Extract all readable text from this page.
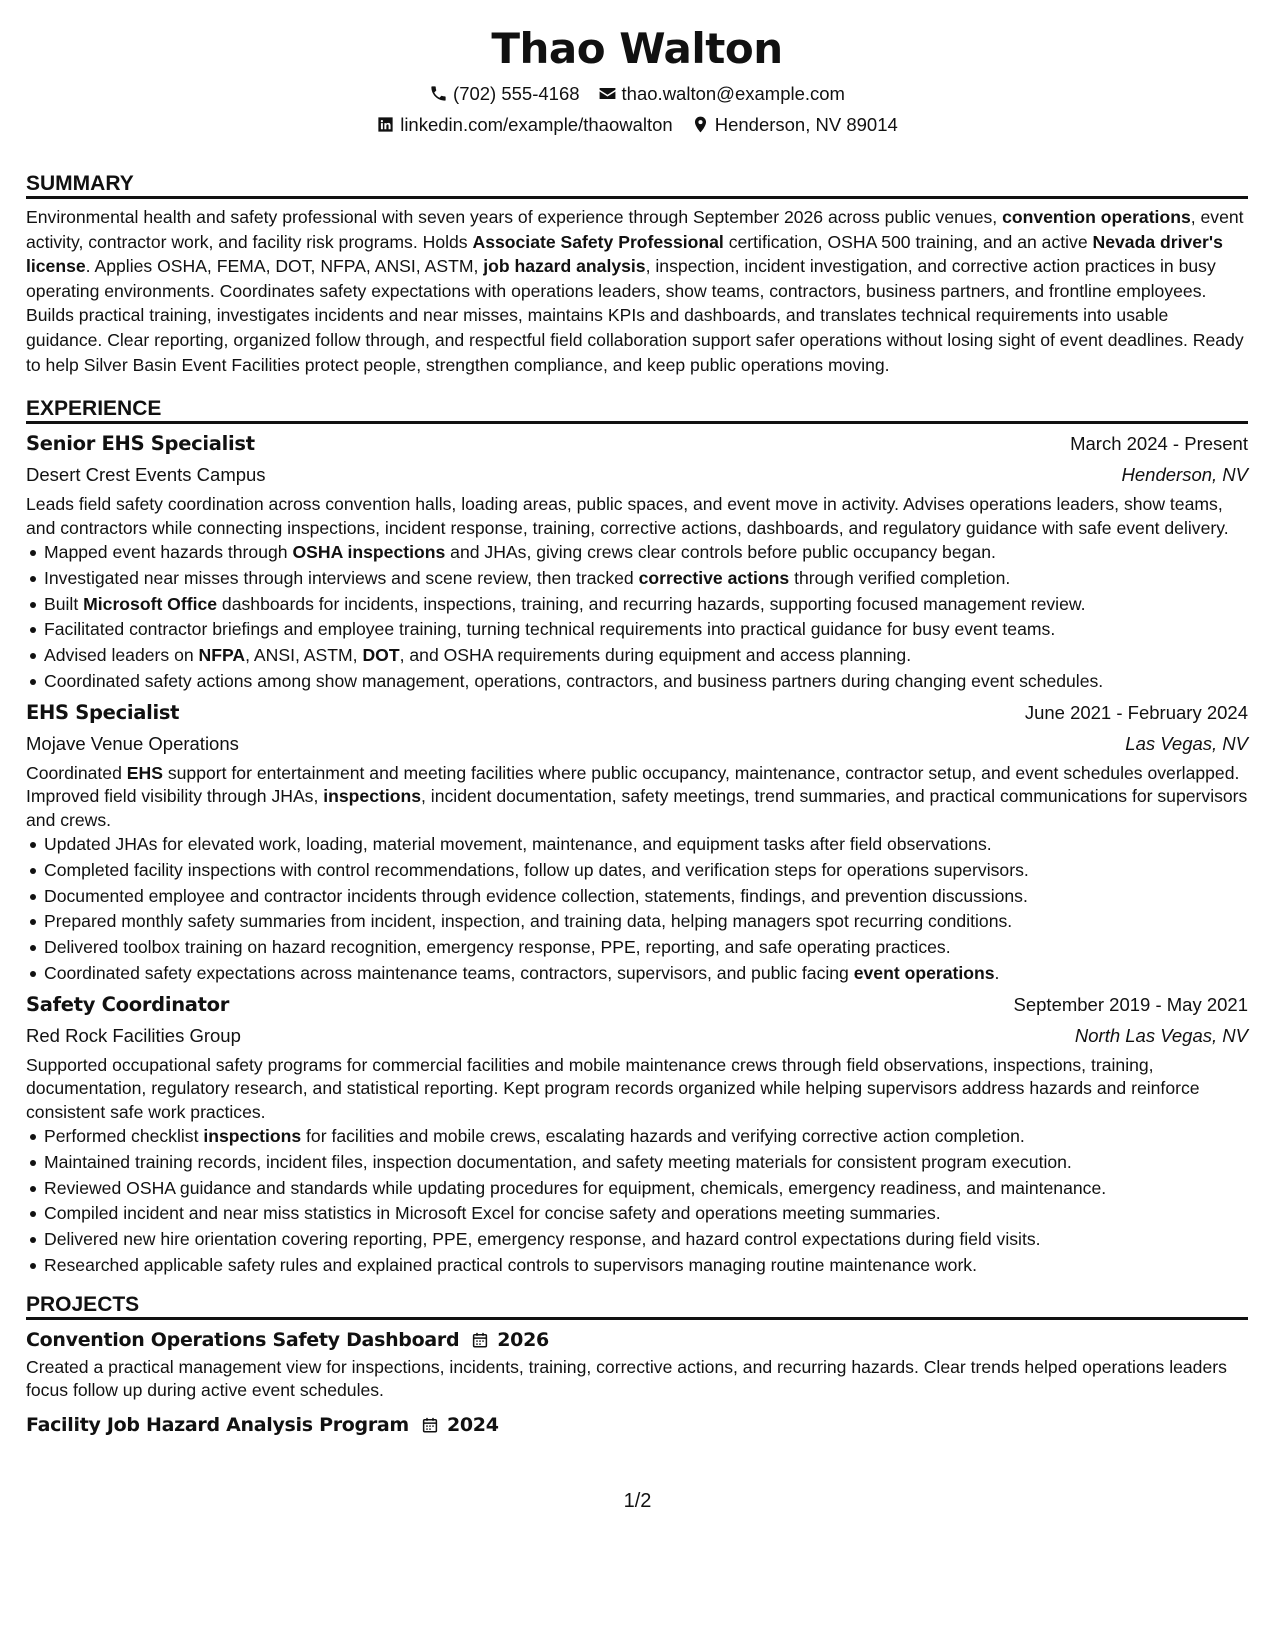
Thao Walton
(702) 555-4168 thao.walton@example.com
linkedin.com/example/thaowalton Henderson, NV 89014
SUMMARY
Environmental health and safety professional with seven years of experience through September 2026 across public venues, convention operations, event activity, contractor work, and facility risk programs. Holds Associate Safety Professional certification, OSHA 500 training, and an active Nevada driver's license. Applies OSHA, FEMA, DOT, NFPA, ANSI, ASTM, job hazard analysis, inspection, incident investigation, and corrective action practices in busy operating environments. Coordinates safety expectations with operations leaders, show teams, contractors, business partners, and frontline employees. Builds practical training, investigates incidents and near misses, maintains KPIs and dashboards, and translates technical requirements into usable guidance. Clear reporting, organized follow through, and respectful field collaboration support safer operations without losing sight of event deadlines. Ready to help Silver Basin Event Facilities protect people, strengthen compliance, and keep public operations moving.
EXPERIENCE
Senior EHS Specialist	March 2024 - Present
Desert Crest Events Campus	Henderson, NV
Leads field safety coordination across convention halls, loading areas, public spaces, and event move in activity. Advises operations leaders, show teams, and contractors while connecting inspections, incident response, training, corrective actions, dashboards, and regulatory guidance with safe event delivery.
Mapped event hazards through OSHA inspections and JHAs, giving crews clear controls before public occupancy began.
Investigated near misses through interviews and scene review, then tracked corrective actions through verified completion.
Built Microsoft Office dashboards for incidents, inspections, training, and recurring hazards, supporting focused management review.
Facilitated contractor briefings and employee training, turning technical requirements into practical guidance for busy event teams.
Advised leaders on NFPA, ANSI, ASTM, DOT, and OSHA requirements during equipment and access planning.
Coordinated safety actions among show management, operations, contractors, and business partners during changing event schedules.
EHS Specialist	June 2021 - February 2024
Mojave Venue Operations	Las Vegas, NV
Coordinated EHS support for entertainment and meeting facilities where public occupancy, maintenance, contractor setup, and event schedules overlapped. Improved field visibility through JHAs, inspections, incident documentation, safety meetings, trend summaries, and practical communications for supervisors and crews.
Updated JHAs for elevated work, loading, material movement, maintenance, and equipment tasks after field observations.
Completed facility inspections with control recommendations, follow up dates, and verification steps for operations supervisors.
Documented employee and contractor incidents through evidence collection, statements, findings, and prevention discussions.
Prepared monthly safety summaries from incident, inspection, and training data, helping managers spot recurring conditions.
Delivered toolbox training on hazard recognition, emergency response, PPE, reporting, and safe operating practices.
Coordinated safety expectations across maintenance teams, contractors, supervisors, and public facing event operations.
Safety Coordinator	September 2019 - May 2021
Red Rock Facilities Group	North Las Vegas, NV
Supported occupational safety programs for commercial facilities and mobile maintenance crews through field observations, inspections, training, documentation, regulatory research, and statistical reporting. Kept program records organized while helping supervisors address hazards and reinforce consistent safe work practices.
Performed checklist inspections for facilities and mobile crews, escalating hazards and verifying corrective action completion.
Maintained training records, incident files, inspection documentation, and safety meeting materials for consistent program execution.
Reviewed OSHA guidance and standards while updating procedures for equipment, chemicals, emergency readiness, and maintenance.
Compiled incident and near miss statistics in Microsoft Excel for concise safety and operations meeting summaries.
Delivered new hire orientation covering reporting, PPE, emergency response, and hazard control expectations during field visits.
Researched applicable safety rules and explained practical controls to supervisors managing routine maintenance work.
PROJECTS
Convention Operations Safety Dashboard 2026
Created a practical management view for inspections, incidents, training, corrective actions, and recurring hazards. Clear trends helped operations leaders focus follow up during active event schedules.
Facility Job Hazard Analysis Program 2024
1/2
